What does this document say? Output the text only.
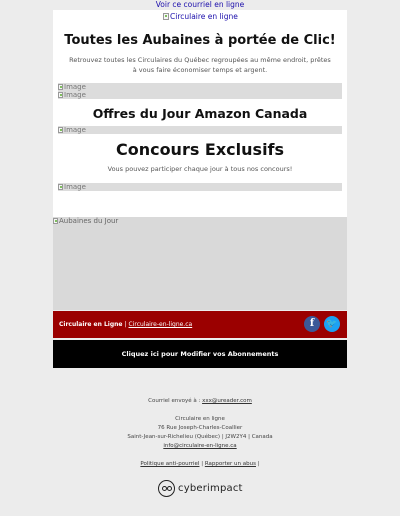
Voir ce courriel en ligne
Circulaire en ligne
Toutes les Aubaines à portée de Clic!
Retrouvez toutes les Circulaires du Québec regroupées au même endroit, prêtes à vous faire économiser temps et argent.
Image
Image
Offres du Jour Amazon Canada
Image
Concours Exclusifs
Vous pouvez participer chaque jour à tous nos concours!
Image
Aubaines du Jour
Circulaire en Ligne | Circulaire-en-ligne.ca	f	🐦
Cliquez ici pour Modifier vos Abonnements
Courriel envoyé à : xxx@ureader.com
Circulaire en ligne
76 Rue Joseph-Charles-Coallier
Saint-Jean-sur-Richelieu (Québec) | J2W2Y4 | Canada
info@circulaire-en-ligne.ca
Politique anti-pourriel | Rapporter un abus |
cyberimpact
